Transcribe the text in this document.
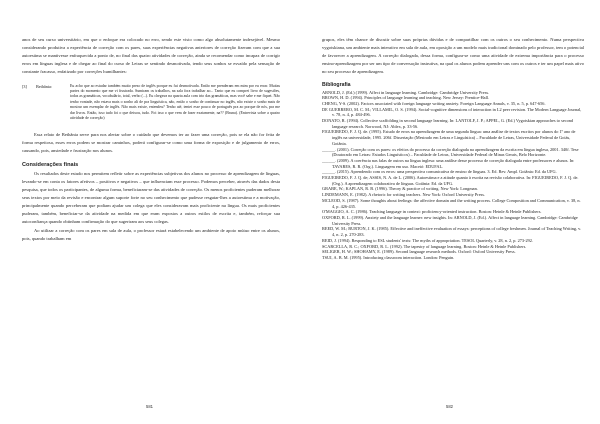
anos de seu curso universitário, em que o enfoque era colocado no erro, sendo este visto como algo absolutamente indesejável. Mesmo considerando produtiva a experiência de correção com os pares, suas experiências negativas anteriores de correção fizeram com que a sua autoestima se mantivesse enfraquecida a ponto de, no final das quatro atividades de correção, ainda se recomendar como incapaz de corrigir erros em línguas inglesa e de chegar ao final do curso de Letras se sentindo desmotivada, tendo seus sonhos se esvaído pela sensação de constante fracasso, enfatizado por correções humilhantes:

[3] Bethânia:	Eu acho que ao estudar também muito preso de inglês porque eu fui desmotivada. Então me prenderam em mim por eu errar. Muitas partes do momento que me vi frustrada. Sumiram os trabalhos, na sala fora trabalhar ao... Tanto que eu comprei livro de sugestões, todas as gramáticas, vocabulário, total, verbo (...). Eu chegava na quarta aula com trio das gramáticas, mas você sabe e me fiquei. Não tenho vontade, não estava mais o sonho ali de pra linguística, não, então o sonho de continuar no inglês, não existe o sonho mais de mostrar um exemplar de inglês. Não mais existe, entendeu? Tenho até, tentei esse pouco de português pra ao porque de nós, pra me dar livros. Então, isso tudo foi o que deixou, tudo. Foi isso o que vem de fazer exatamente, na?? (Bruna). (Entrevista sobre a quatro atividade de correção)

Essa relato de Bethânia serve para nos alertar sobre o cuidado que devemos ter ao fazer uma correção, pois se ela não for feita de forma respeitosa, esses erros podem se mostrar caminhos, poderá configurar-se como uma forma de exposição e de julgamento de erros, causando, pois, ansiedade e frustração nos alunos.

Considerações finais

Os resultados deste estudo nos permitem refletir sobre as experiências subjetivas dos alunos no processo de aprendizagem de línguas, levando-se em conta os fatores afetivos – positivos e negativos – que influenciam esse processo. Podemos perceber, através das dados desta pesquisa, que todos os participantes, de alguma forma, beneficiaram-se das atividades de correção. Os menos proficientes puderam melhorar seus textos por meio da revisão e encontrar algum suporte forte no seu conhecimento que pudesse resgatar-lhes a autoestima e a motivação, principalmente quando perceberam que podiam ajudar um colega que eles consideravam mais proficiente na língua. Os mais proficientes puderam, também, beneficiar-se da atividade na medida em que eram expostos a outros estilos de escrita e, também, reforçar sua autoconfiança quando obtinham confirmação do que sugeriram aos seus colegas.

Ao utilizar a correção com os pares em sala de aula, o professor estará estabelecendo um ambiente de apoio mútuo entre os alunos, pois, quando trabalham em

581

grupos, eles têm chance de discutir sobre suas próprias dúvidas e de compartilhar com os outros o seu conhecimento. Numa perspectiva vygotskiana, um ambiente mais interativo em sala de aula, em oposição a um modelo mais tradicional dominado pelo professor, tem o potencial de favorecer a aprendizagem. A correção dialogada, dessa forma, configura-se como uma atividade de extrema importância para o processo ensino-aprendizagem por ser um tipo de conversação instrutiva, na qual os alunos podem aprender uns com os outros e ter um papel mais ativo no seu processo de aprendizagem.

Bibliografia

ARNOLD, J. (Ed.) (1999). Affect in language learning. Cambridge: Cambridge University Press.

BROWN, H. D. (1994). Principles of language learning and teaching. New Jersey: Prentice-Hall.

CHENG, Y-S. (2002). Factors associated with foreign language writing anxiety. Foreign Language Annals, v. 35, n. 5, p. 647-656.

DE GUERRERO, M. C. M.; VILLAMIL, O. S. (1994). Social-cognitive dimensions of interaction in L2 peer revision. The Modern Language Journal, v. 78, n. 4, p. 484-496.

DONATO, R. (1994). Collective scaffolding in second language learning. In: LANTOLF, J. P.; APPEL, G. (Ed.) Vygotskian approaches to second language research. Norwood, NJ: Ablex, p. 33-56.

FIGUEIREDO, F. J. Q. de. (1995). Estudo de erros na aprendizagem de uma segunda língua: uma análise de textos escritos por alunos do 1º ano de inglês na universidade, 1995. 206f. Dissertação (Mestrado em Letras e Linguística) – Faculdade de Letras, Universidade Federal de Goiás, Goiânia.

______. (2001). Correção com os pares: os efeitos do processo da correção dialogada na aprendizagem da escrita em língua inglesa, 2001. 340f. Tese (Doutorado em Letras: Estudos Linguísticos) – Faculdade de Letras, Universidade Federal de Minas Gerais, Belo Horizonte.

______. (2009). A coerência nas falas de outros na língua inglesa: uma análise desse processo de correção dialogada entre professores e alunos. In: TAVARES, R. R. (Org.). Linguagem em uso. Maceió: EDUFAL.

______. (2015). Aprendendo com os erros: uma perspectiva comunicativa de ensino de línguas. 3. Ed. Rev. Ampl. Goiânia: Ed. da UFG.

FIGUEIREDO, F. J. Q. de; ASSIS, N. A. de L. (2006). Autoestima e a atitude quanto à escrita na revisão colaborativa. In: FIGUEIREDO, F. J. Q. de. (Org.). A aprendizagem colaborativa de línguas. Goiânia: Ed. da UFG.

GRABE, W.; KAPLAN, R. B. (1996). Theory & practice of writing. New York: Longman.

LINDEMANN, E. (1982). A rhetoric for writing teachers. New York: Oxford University Press.

MCLEOD, S. (1987). Some thoughts about feelings: the affective domain and the writing process. College Composition and Communication, v. 38, n. 4, p. 426-435.

O'MAGGIO, A. C. (1986). Teaching language in context: proficiency-oriented instruction. Boston: Heinle & Heinle Publishers.

OXFORD, R. L. (1999). Anxiety and the language learner: new insights. In: ARNOLD, J. (Ed.). Affect in language learning. Cambridge: Cambridge University Press.

REED, W. M.; BURTON, J. K. (1985). Effective and ineffective evaluation of essays: perceptions of college freshmen. Journal of Teaching Writing, v. 4, n. 2, p. 270-283.

REID, J. (1994). Responding to ESL students' texts: The myths of appropriation. TESOL Quarterly, v. 28, n. 2, p. 273-292.

SCARCELLA, R. C.; OXFORD, R. L. (1992). The tapestry of language learning. Boston: Heinle & Heinle Publishers.

SELIGER, H. W.; SHOHAMY, E. (1989). Second language research methods. Oxford: Oxford University Press.

TSUI, A. B. M. (1995). Introducing classroom interaction. London: Penguin.

582
